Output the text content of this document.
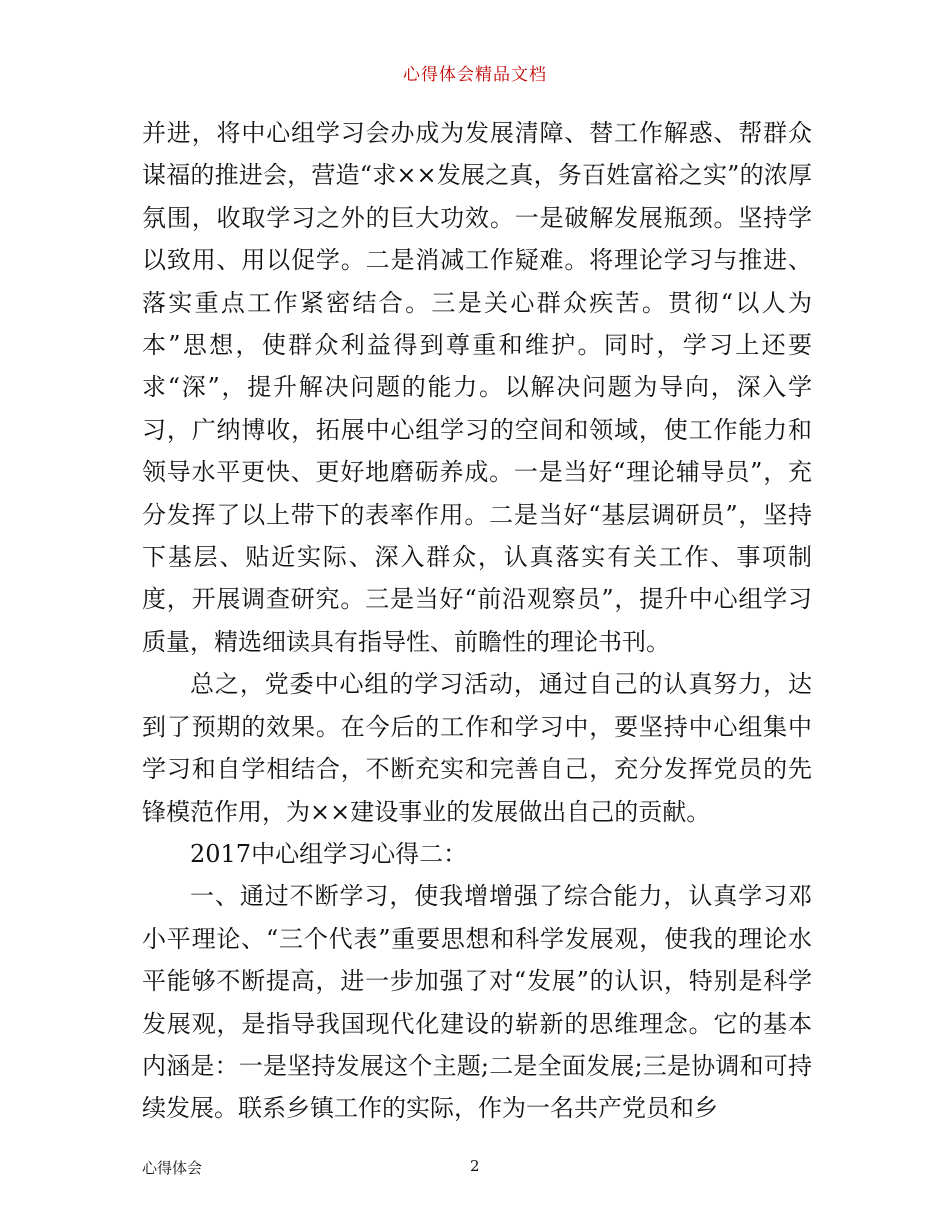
心得体会精品文档

并进，将中心组学习会办成为发展清障、替工作解惑、帮群众谋福的推进会，营造“求××发展之真，务百姓富裕之实”的浓厚氛围，收取学习之外的巨大功效。一是破解发展瓶颈。坚持学以致用、用以促学。二是消减工作疑难。将理论学习与推进、落实重点工作紧密结合。三是关心群众疾苦。贯彻“以人为本”思想，使群众利益得到尊重和维护。同时，学习上还要求“深”，提升解决问题的能力。以解决问题为导向，深入学习，广纳博收，拓展中心组学习的空间和领域，使工作能力和领导水平更快、更好地磨砺养成。一是当好“理论辅导员”，充分发挥了以上带下的表率作用。二是当好“基层调研员”，坚持下基层、贴近实际、深入群众，认真落实有关工作、事项制度，开展调查研究。三是当好“前沿观察员”，提升中心组学习质量，精选细读具有指导性、前瞻性的理论书刊。

总之，党委中心组的学习活动，通过自己的认真努力，达到了预期的效果。在今后的工作和学习中，要坚持中心组集中学习和自学相结合，不断充实和完善自己，充分发挥党员的先锋模范作用，为××建设事业的发展做出自己的贡献。

2017中心组学习心得二：

一、通过不断学习，使我增增强了综合能力，认真学习邓小平理论、“三个代表”重要思想和科学发展观，使我的理论水平能够不断提高，进一步加强了对“发展”的认识，特别是科学发展观，是指导我国现代化建设的崭新的思维理念。它的基本内涵是：一是坚持发展这个主题;二是全面发展;三是协调和可持续发展。联系乡镇工作的实际，作为一名共产党员和乡

心得体会	2
